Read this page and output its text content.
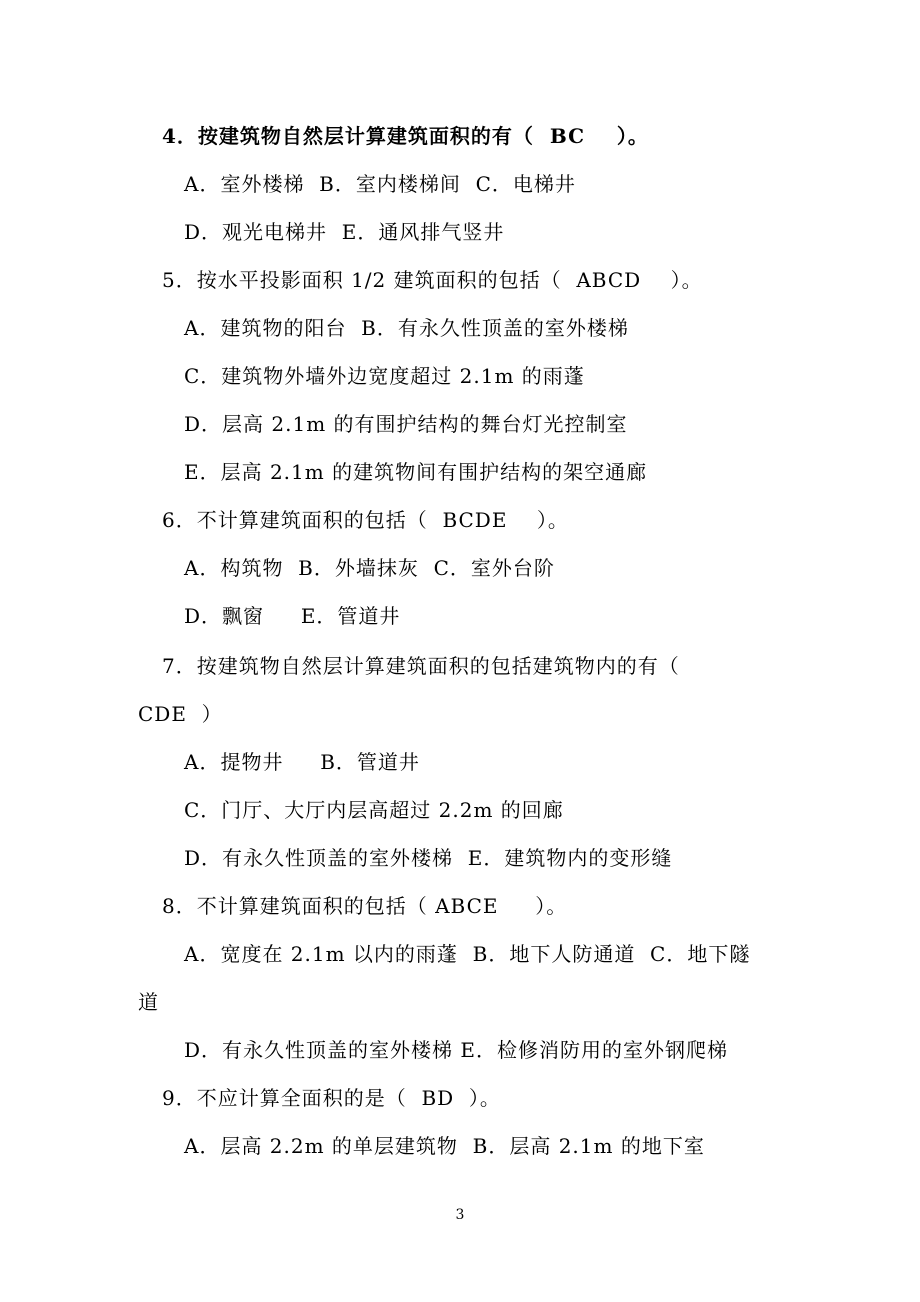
4．按建筑物自然层计算建筑面积的有（  BC    ）。
A．室外楼梯  B．室内楼梯间  C．电梯井
D．观光电梯井  E．通风排气竖井
5．按水平投影面积 1/2 建筑面积的包括（  ABCD    ）。
A．建筑物的阳台  B．有永久性顶盖的室外楼梯
C．建筑物外墙外边宽度超过 2.1m 的雨蓬
D．层高 2.1m 的有围护结构的舞台灯光控制室
E．层高 2.1m 的建筑物间有围护结构的架空通廊
6．不计算建筑面积的包括（  BCDE    ）。
A．构筑物  B．外墙抹灰  C．室外台阶
D．飘窗     E．管道井
7．按建筑物自然层计算建筑面积的包括建筑物内的有（
CDE  ）
A．提物井     B．管道井
C．门厅、大厅内层高超过 2.2m 的回廊
D．有永久性顶盖的室外楼梯  E．建筑物内的变形缝
8．不计算建筑面积的包括（ ABCE     ）。
A．宽度在 2.1m 以内的雨蓬  B．地下人防通道  C．地下隧
道
D．有永久性顶盖的室外楼梯 E．检修消防用的室外钢爬梯
9．不应计算全面积的是（  BD  ）。
A．层高 2.2m 的单层建筑物  B．层高 2.1m 的地下室
3
